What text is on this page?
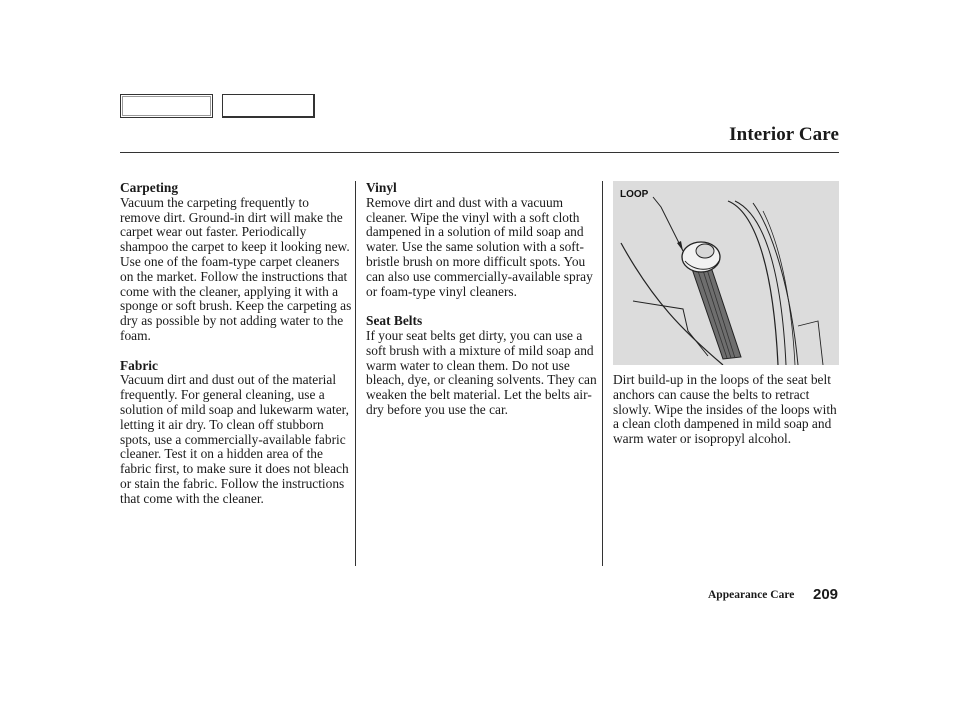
Interior Care
Carpeting
Vacuum the carpeting frequently to remove dirt. Ground-in dirt will make the carpet wear out faster. Periodically shampoo the carpet to keep it looking new. Use one of the foam-type carpet cleaners on the market. Follow the instructions that come with the cleaner, applying it with a sponge or soft brush. Keep the carpeting as dry as possible by not adding water to the foam.
Fabric
Vacuum dirt and dust out of the material frequently. For general cleaning, use a solution of mild soap and lukewarm water, letting it air dry. To clean off stubborn spots, use a commercially-available fabric cleaner. Test it on a hidden area of the fabric first, to make sure it does not bleach or stain the fabric. Follow the instructions that come with the cleaner.
Vinyl
Remove dirt and dust with a vacuum cleaner. Wipe the vinyl with a soft cloth dampened in a solution of mild soap and water. Use the same solution with a soft-bristle brush on more difficult spots. You can also use commercially-available spray or foam-type vinyl cleaners.
Seat Belts
If your seat belts get dirty, you can use a soft brush with a mixture of mild soap and warm water to clean them. Do not use bleach, dye, or cleaning solvents. They can weaken the belt material. Let the belts air-dry before you use the car.
LOOP
Dirt build-up in the loops of the seat belt anchors can cause the belts to retract slowly. Wipe the insides of the loops with a clean cloth dampened in mild soap and warm water or isopropyl alcohol.
Appearance Care 209
